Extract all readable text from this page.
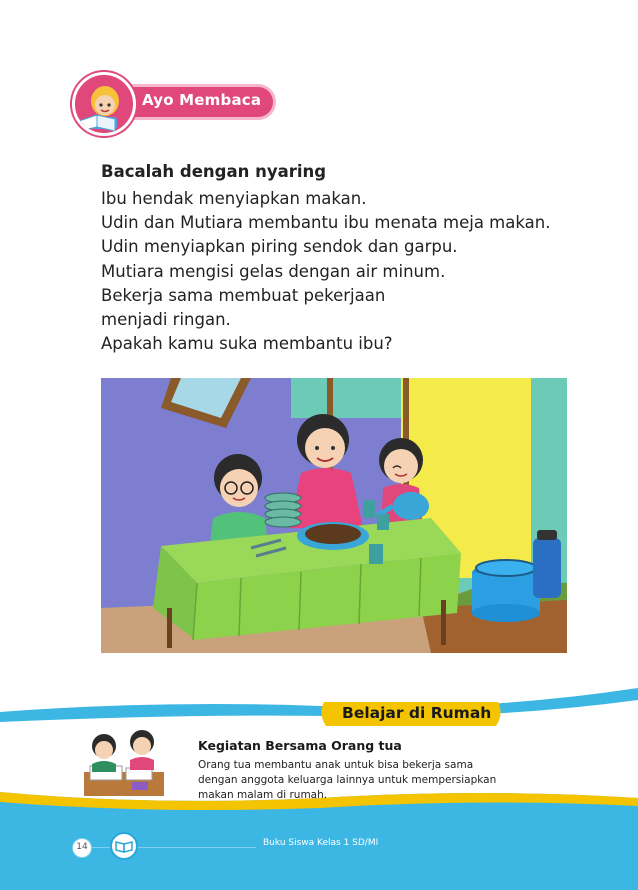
Ayo Membaca
Bacalah dengan nyaring
Ibu hendak menyiapkan makan.
Udin dan Mutiara membantu ibu menata meja makan.
Udin menyiapkan piring sendok dan garpu.
Mutiara mengisi gelas dengan air minum.
Bekerja sama membuat pekerjaan
menjadi ringan.
Apakah kamu suka membantu ibu?
Belajar di Rumah
Kegiatan Bersama Orang tua
Orang tua membantu anak untuk bisa bekerja sama
dengan anggota keluarga lainnya untuk mempersiapkan
makan malam di rumah.
14	Buku Siswa Kelas 1 SD/MI
